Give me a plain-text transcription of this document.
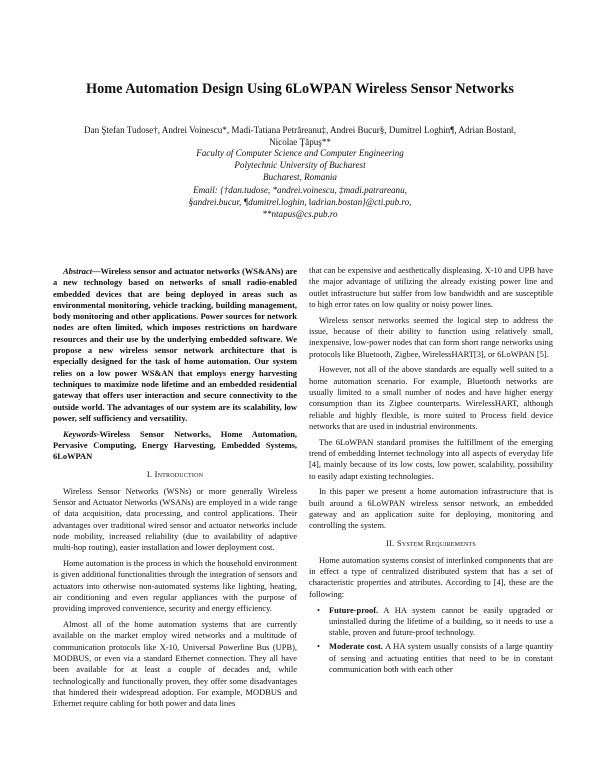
Home Automation Design Using 6LoWPAN Wireless Sensor Networks
Dan Ştefan Tudose†, Andrei Voinescu*, Madi-Tatiana Petrăreanu‡, Andrei Bucur§, Dumitrel Loghin¶, Adrian Bostan‖,
Nicolae Ţăpuş**
Faculty of Computer Science and Computer Engineering
Polytechnic University of Bucharest
Bucharest, Romania
Email: {†dan.tudose, *andrei.voinescu, ‡madi.patrareanu,
§andrei.bucur, ¶dumitrel.loghin, ‖adrian.bostan}@cti.pub.ro,
**ntapus@cs.pub.ro

Abstract—Wireless sensor and actuator networks (WS&ANs) are a new technology based on networks of small radio-enabled embedded devices that are being deployed in areas such as environmental monitoring, vehicle tracking, building management, body monitoring and other applications. Power sources for network nodes are often limited, which imposes restrictions on hardware resources and their use by the underlying embedded software. We propose a new wireless sensor network architecture that is especially designed for the task of home automation. Our system relies on a low power WS&AN that employs energy harvesting techniques to maximize node lifetime and an embedded residential gateway that offers user interaction and secure connectivity to the outside world. The advantages of our system are its scalability, low power, self sufficiency and versatility.

Keywords-Wireless Sensor Networks, Home Automation, Pervasive Computing, Energy Harvesting, Embedded Systems, 6LoWPAN

I. Introduction

Wireless Sensor Networks (WSNs) or more generally Wireless Sensor and Actuator Networks (WSANs) are employed in a wide range of data acquisition, data processing, and control applications. Their advantages over traditional wired sensor and actuator networks include node mobility, increased reliability (due to availability of adaptive multi-hop routing), easier installation and lower deployment cost.

Home automation is the process in which the household environment is given additional functionalities through the integration of sensors and actuators into otherwise non-automated systems like lighting, heating, air conditioning and even regular appliances with the purpose of providing improved convenience, security and energy efficiency.

Almost all of the home automation systems that are currently available on the market employ wired networks and a multitude of communication protocols like X-10, Universal Powerline Bus (UPB), MODBUS, or even via a standard Ethernet connection. They all have been available for at least a couple of decades and, while technologically and functionally proven, they offer some disadvantages that hindered their widespread adoption. For example, MODBUS and Ethernet require cabling for both power and data lines

that can be expensive and aesthetically displeasing. X-10 and UPB have the major advantage of utilizing the already existing power line and outlet infrastructure but suffer from low bandwidth and are susceptible to high error rates on low quality or noisy power lines.

Wireless sensor networks seemed the logical step to address the issue, because of their ability to function using relatively small, inexpensive, low-power nodes that can form short range networks using protocols like Bluetooth, Zigbee, WirelessHART[3], or 6LoWPAN [5].

However, not all of the above standards are equally well suited to a home automation scenario. For example, Bluetooth networks are usually limited to a small number of nodes and have higher energy consumption than its Zigbee counterparts. WirelessHART, although reliable and highly flexible, is more suited to Process field device networks that are used in industrial environments.

The 6LoWPAN standard promises the fulfillment of the emerging trend of embedding Internet technology into all aspects of everyday life [4], mainly because of its low costs, low power, scalability, possibility to easily adapt existing technologies.

In this paper we present a home automation infrastructure that is built around a 6LoWPAN wireless sensor network, an embedded gateway and an application suite for deploying, monitoring and controlling the system.

II. System Requirements

Home automation systems consist of interlinked components that are in effect a type of centralized distributed system that has a set of characteristic properties and attributes. According to [4], these are the following:

• Future-proof. A HA system cannot be easily upgraded or uninstalled during the lifetime of a building, so it needs to use a stable, proven and future-proof technology.
• Moderate cost. A HA system usually consists of a large quantity of sensing and actuating entities that need to be in constant communication both with each other
